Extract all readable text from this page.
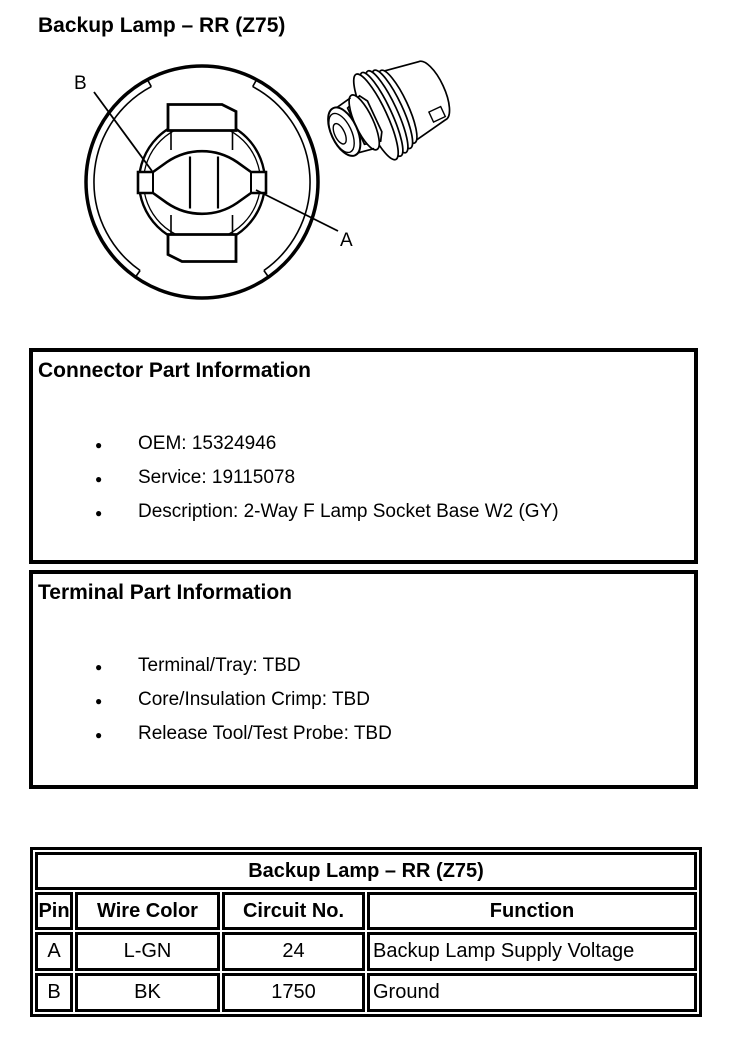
Backup Lamp – RR (Z75)
B
A
Connector Part Information
● OEM: 15324946
● Service: 19115078
● Description: 2-Way F Lamp Socket Base W2 (GY)
Terminal Part Information
● Terminal/Tray: TBD
● Core/Insulation Crimp: TBD
● Release Tool/Test Probe: TBD
Backup Lamp – RR (Z75)			
Pin	Wire Color	Circuit No.	Function
A	L-GN	24	Backup Lamp Supply Voltage
B	BK	1750	Ground
